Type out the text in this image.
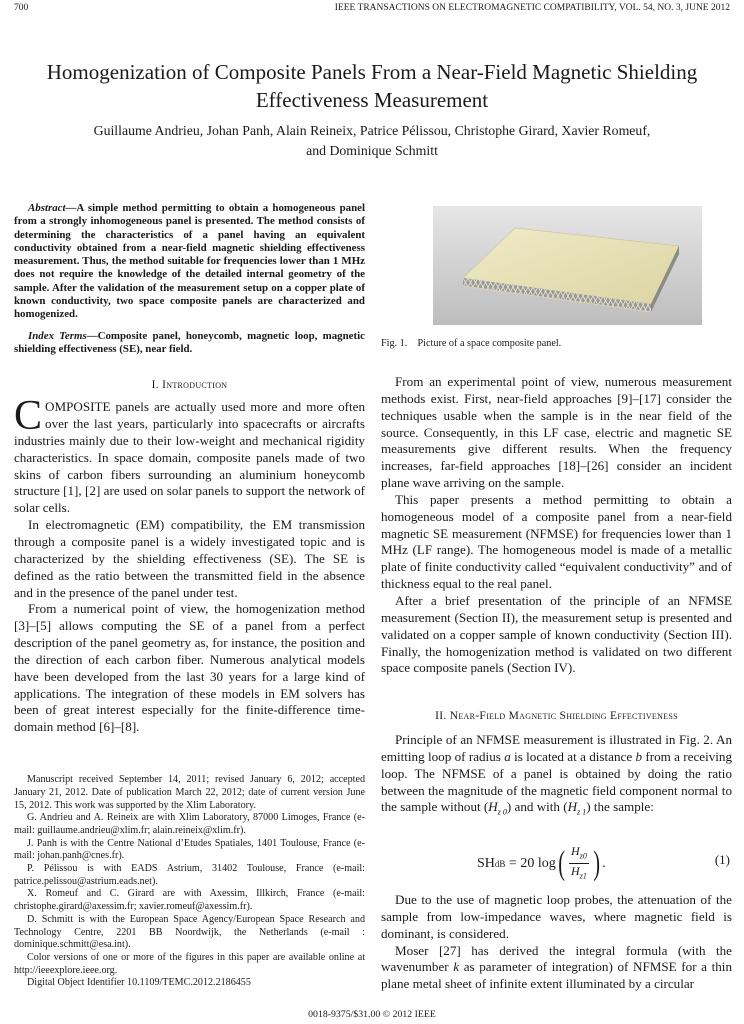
700	IEEE TRANSACTIONS ON ELECTROMAGNETIC COMPATIBILITY, VOL. 54, NO. 3, JUNE 2012
Homogenization of Composite Panels From a Near-Field Magnetic Shielding
Effectiveness Measurement
Guillaume Andrieu, Johan Panh, Alain Reineix, Patrice Pélissou, Christophe Girard, Xavier Romeuf,
and Dominique Schmitt

Abstract—A simple method permitting to obtain a homogeneous panel from a strongly inhomogeneous panel is presented. The method consists of determining the characteristics of a panel having an equivalent conductivity obtained from a near-field magnetic shielding effectiveness measurement. Thus, the method suitable for frequencies lower than 1 MHz does not require the knowledge of the detailed internal geometry of the sample. After the validation of the measurement setup on a copper plate of known conductivity, two space composite panels are characterized and homogenized.

Index Terms—Composite panel, honeycomb, magnetic loop, magnetic shielding effectiveness (SE), near field.

I. Introduction

COMPOSITE panels are actually used more and more often over the last years, particularly into spacecrafts or aircrafts industries mainly due to their low-weight and mechanical rigidity characteristics. In space domain, composite panels made of two skins of carbon fibers surrounding an aluminium honeycomb structure [1], [2] are used on solar panels to support the network of solar cells.

In electromagnetic (EM) compatibility, the EM transmission through a composite panel is a widely investigated topic and is characterized by the shielding effectiveness (SE). The SE is defined as the ratio between the transmitted field in the absence and in the presence of the panel under test.

From a numerical point of view, the homogenization method [3]–[5] allows computing the SE of a panel from a perfect description of the panel geometry as, for instance, the position and the direction of each carbon fiber. Numerous analytical models have been developed from the last 30 years for a large kind of applications. The integration of these models in EM solvers has been of great interest especially for the finite-difference time-domain method [6]–[8].

Manuscript received September 14, 2011; revised January 6, 2012; accepted January 21, 2012. Date of publication March 22, 2012; date of current version June 15, 2012. This work was supported by the Xlim Laboratory.

G. Andrieu and A. Reineix are with Xlim Laboratory, 87000 Limoges, France (e-mail: guillaume.andrieu@xlim.fr; alain.reineix@xlim.fr).

J. Panh is with the Centre National d’Etudes Spatiales, 1401 Toulouse, France (e-mail: johan.panh@cnes.fr).

P. Pélissou is with EADS Astrium, 31402 Toulouse, France (e-mail: patrice.pelissou@astrium.eads.net).

X. Romeuf and C. Girard are with Axessim, Illkirch, France (e-mail: christophe.girard@axessim.fr; xavier.romeuf@axessim.fr).

D. Schmitt is with the European Space Agency/European Space Research and Technology Centre, 2201 BB Noordwijk, the Netherlands (e-mail : dominique.schmitt@esa.int).

Color versions of one or more of the figures in this paper are available online at http://ieeexplore.ieee.org.

Digital Object Identifier 10.1109/TEMC.2012.2186455

Fig. 1. Picture of a space composite panel.

From an experimental point of view, numerous measurement methods exist. First, near-field approaches [9]–[17] consider the techniques usable when the sample is in the near field of the source. Consequently, in this LF case, electric and magnetic SE measurements give different results. When the frequency increases, far-field approaches [18]–[26] consider an incident plane wave arriving on the sample.

This paper presents a method permitting to obtain a homogeneous model of a composite panel from a near-field magnetic SE measurement (NFMSE) for frequencies lower than 1 MHz (LF range). The homogeneous model is made of a metallic plate of finite conductivity called “equivalent conductivity” and of thickness equal to the real panel.

After a brief presentation of the principle of an NFMSE measurement (Section II), the measurement setup is presented and validated on a copper sample of known conductivity (Section III). Finally, the homogenization method is validated on two different space composite panels (Section IV).

II. Near-Field Magnetic Shielding Effectiveness

Principle of an NFMSE measurement is illustrated in Fig. 2. An emitting loop of radius a is located at a distance b from a receiving loop. The NFMSE of a panel is obtained by doing the ratio between the magnitude of the magnetic field component normal to the sample without $(H_{z 0})$ and with $(H_{z 1})$ the sample:

SH dB = 20 log ( $\frac{H_{z0}}{H_{z1}}$ ) .	(1)

Due to the use of magnetic loop probes, the attenuation of the sample from low-impedance waves, where magnetic field is dominant, is considered.

Moser [27] has derived the integral formula (with the wavenumber k as parameter of integration) of NFMSE for a thin plane metal sheet of infinite extent illuminated by a circular

0018-9375/$31.00 © 2012 IEEE
